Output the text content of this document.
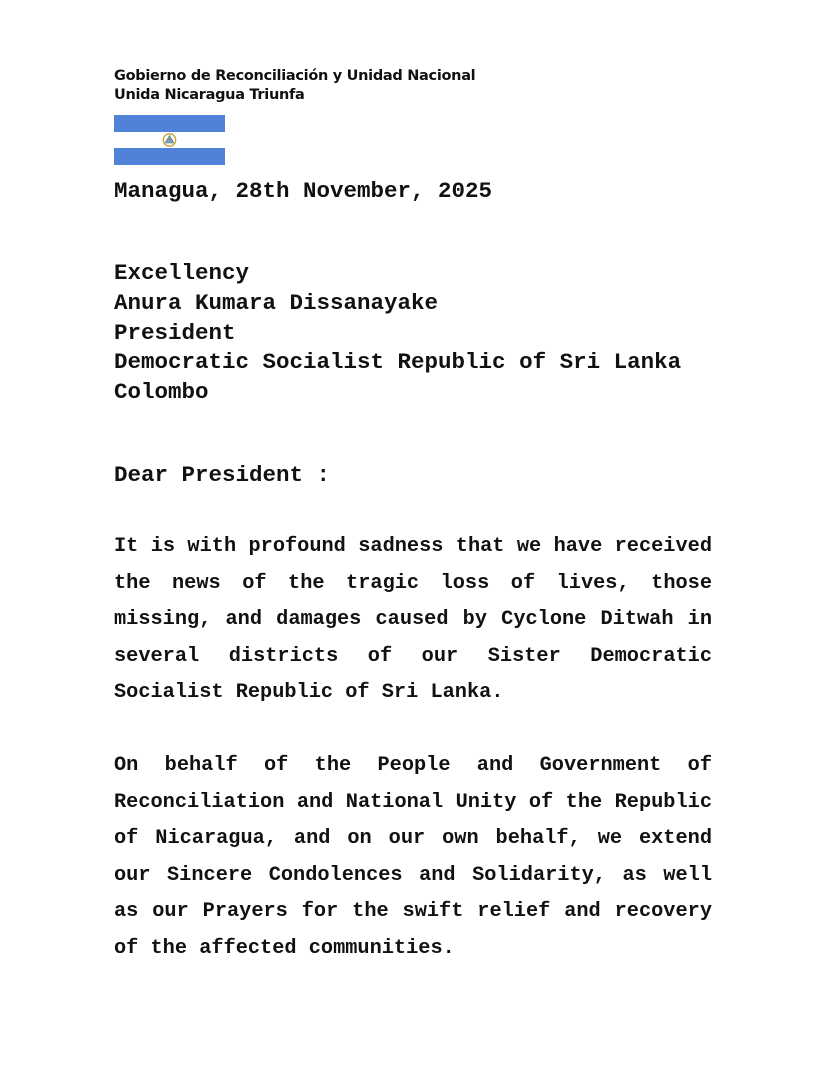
Gobierno de Reconciliación y Unidad Nacional
Unida Nicaragua Triunfa
Managua, 28th November, 2025
Excellency
Anura Kumara Dissanayake
President
Democratic Socialist Republic of Sri Lanka
Colombo
Dear President :
It is with profound sadness that we have received the news of the tragic loss of lives, those missing, and damages caused by Cyclone Ditwah in several districts of our Sister Democratic Socialist Republic of Sri Lanka.
On behalf of the People and Government of Reconciliation and National Unity of the Republic of Nicaragua, and on our own behalf, we extend our Sincere Condolences and Solidarity, as well as our Prayers for the swift relief and recovery of the affected communities.
